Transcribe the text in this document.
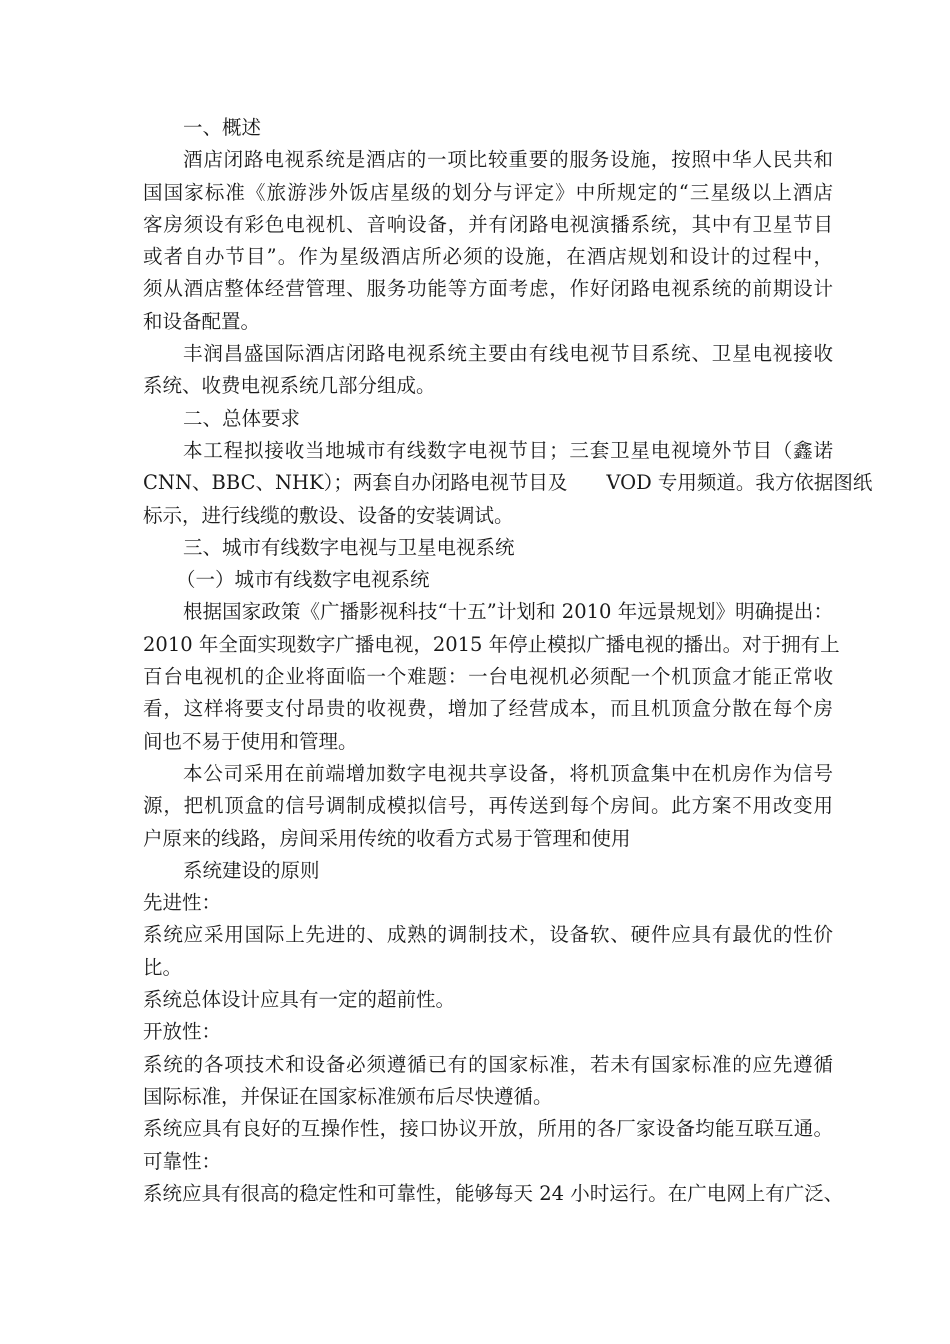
一、概述
酒店闭路电视系统是酒店的一项比较重要的服务设施，按照中华人民共和
国国家标准《旅游涉外饭店星级的划分与评定》中所规定的“三星级以上酒店
客房须设有彩色电视机、音响设备，并有闭路电视演播系统，其中有卫星节目
或者自办节目”。作为星级酒店所必须的设施，在酒店规划和设计的过程中，
须从酒店整体经营管理、服务功能等方面考虑，作好闭路电视系统的前期设计
和设备配置。
丰润昌盛国际酒店闭路电视系统主要由有线电视节目系统、卫星电视接收
系统、收费电视系统几部分组成。
二、总体要求
本工程拟接收当地城市有线数字电视节目；三套卫星电视境外节目（鑫诺
CNN、BBC、NHK）；两套自办闭路电视节目及　　VOD 专用频道。我方依据图纸
标示，进行线缆的敷设、设备的安装调试。
三、城市有线数字电视与卫星电视系统
（一）城市有线数字电视系统
根据国家政策《广播影视科技“十五”计划和 2010 年远景规划》明确提出：
2010 年全面实现数字广播电视，2015 年停止模拟广播电视的播出。对于拥有上
百台电视机的企业将面临一个难题：一台电视机必须配一个机顶盒才能正常收
看，这样将要支付昂贵的收视费，增加了经营成本，而且机顶盒分散在每个房
间也不易于使用和管理。
本公司采用在前端增加数字电视共享设备，将机顶盒集中在机房作为信号
源，把机顶盒的信号调制成模拟信号，再传送到每个房间。此方案不用改变用
户原来的线路，房间采用传统的收看方式易于管理和使用
系统建设的原则
先进性：
系统应采用国际上先进的、成熟的调制技术，设备软、硬件应具有最优的性价
比。
系统总体设计应具有一定的超前性。
开放性：
系统的各项技术和设备必须遵循已有的国家标准，若未有国家标准的应先遵循
国际标准，并保证在国家标准颁布后尽快遵循。
系统应具有良好的互操作性，接口协议开放，所用的各厂家设备均能互联互通。
可靠性：
系统应具有很高的稳定性和可靠性，能够每天 24 小时运行。在广电网上有广泛、
